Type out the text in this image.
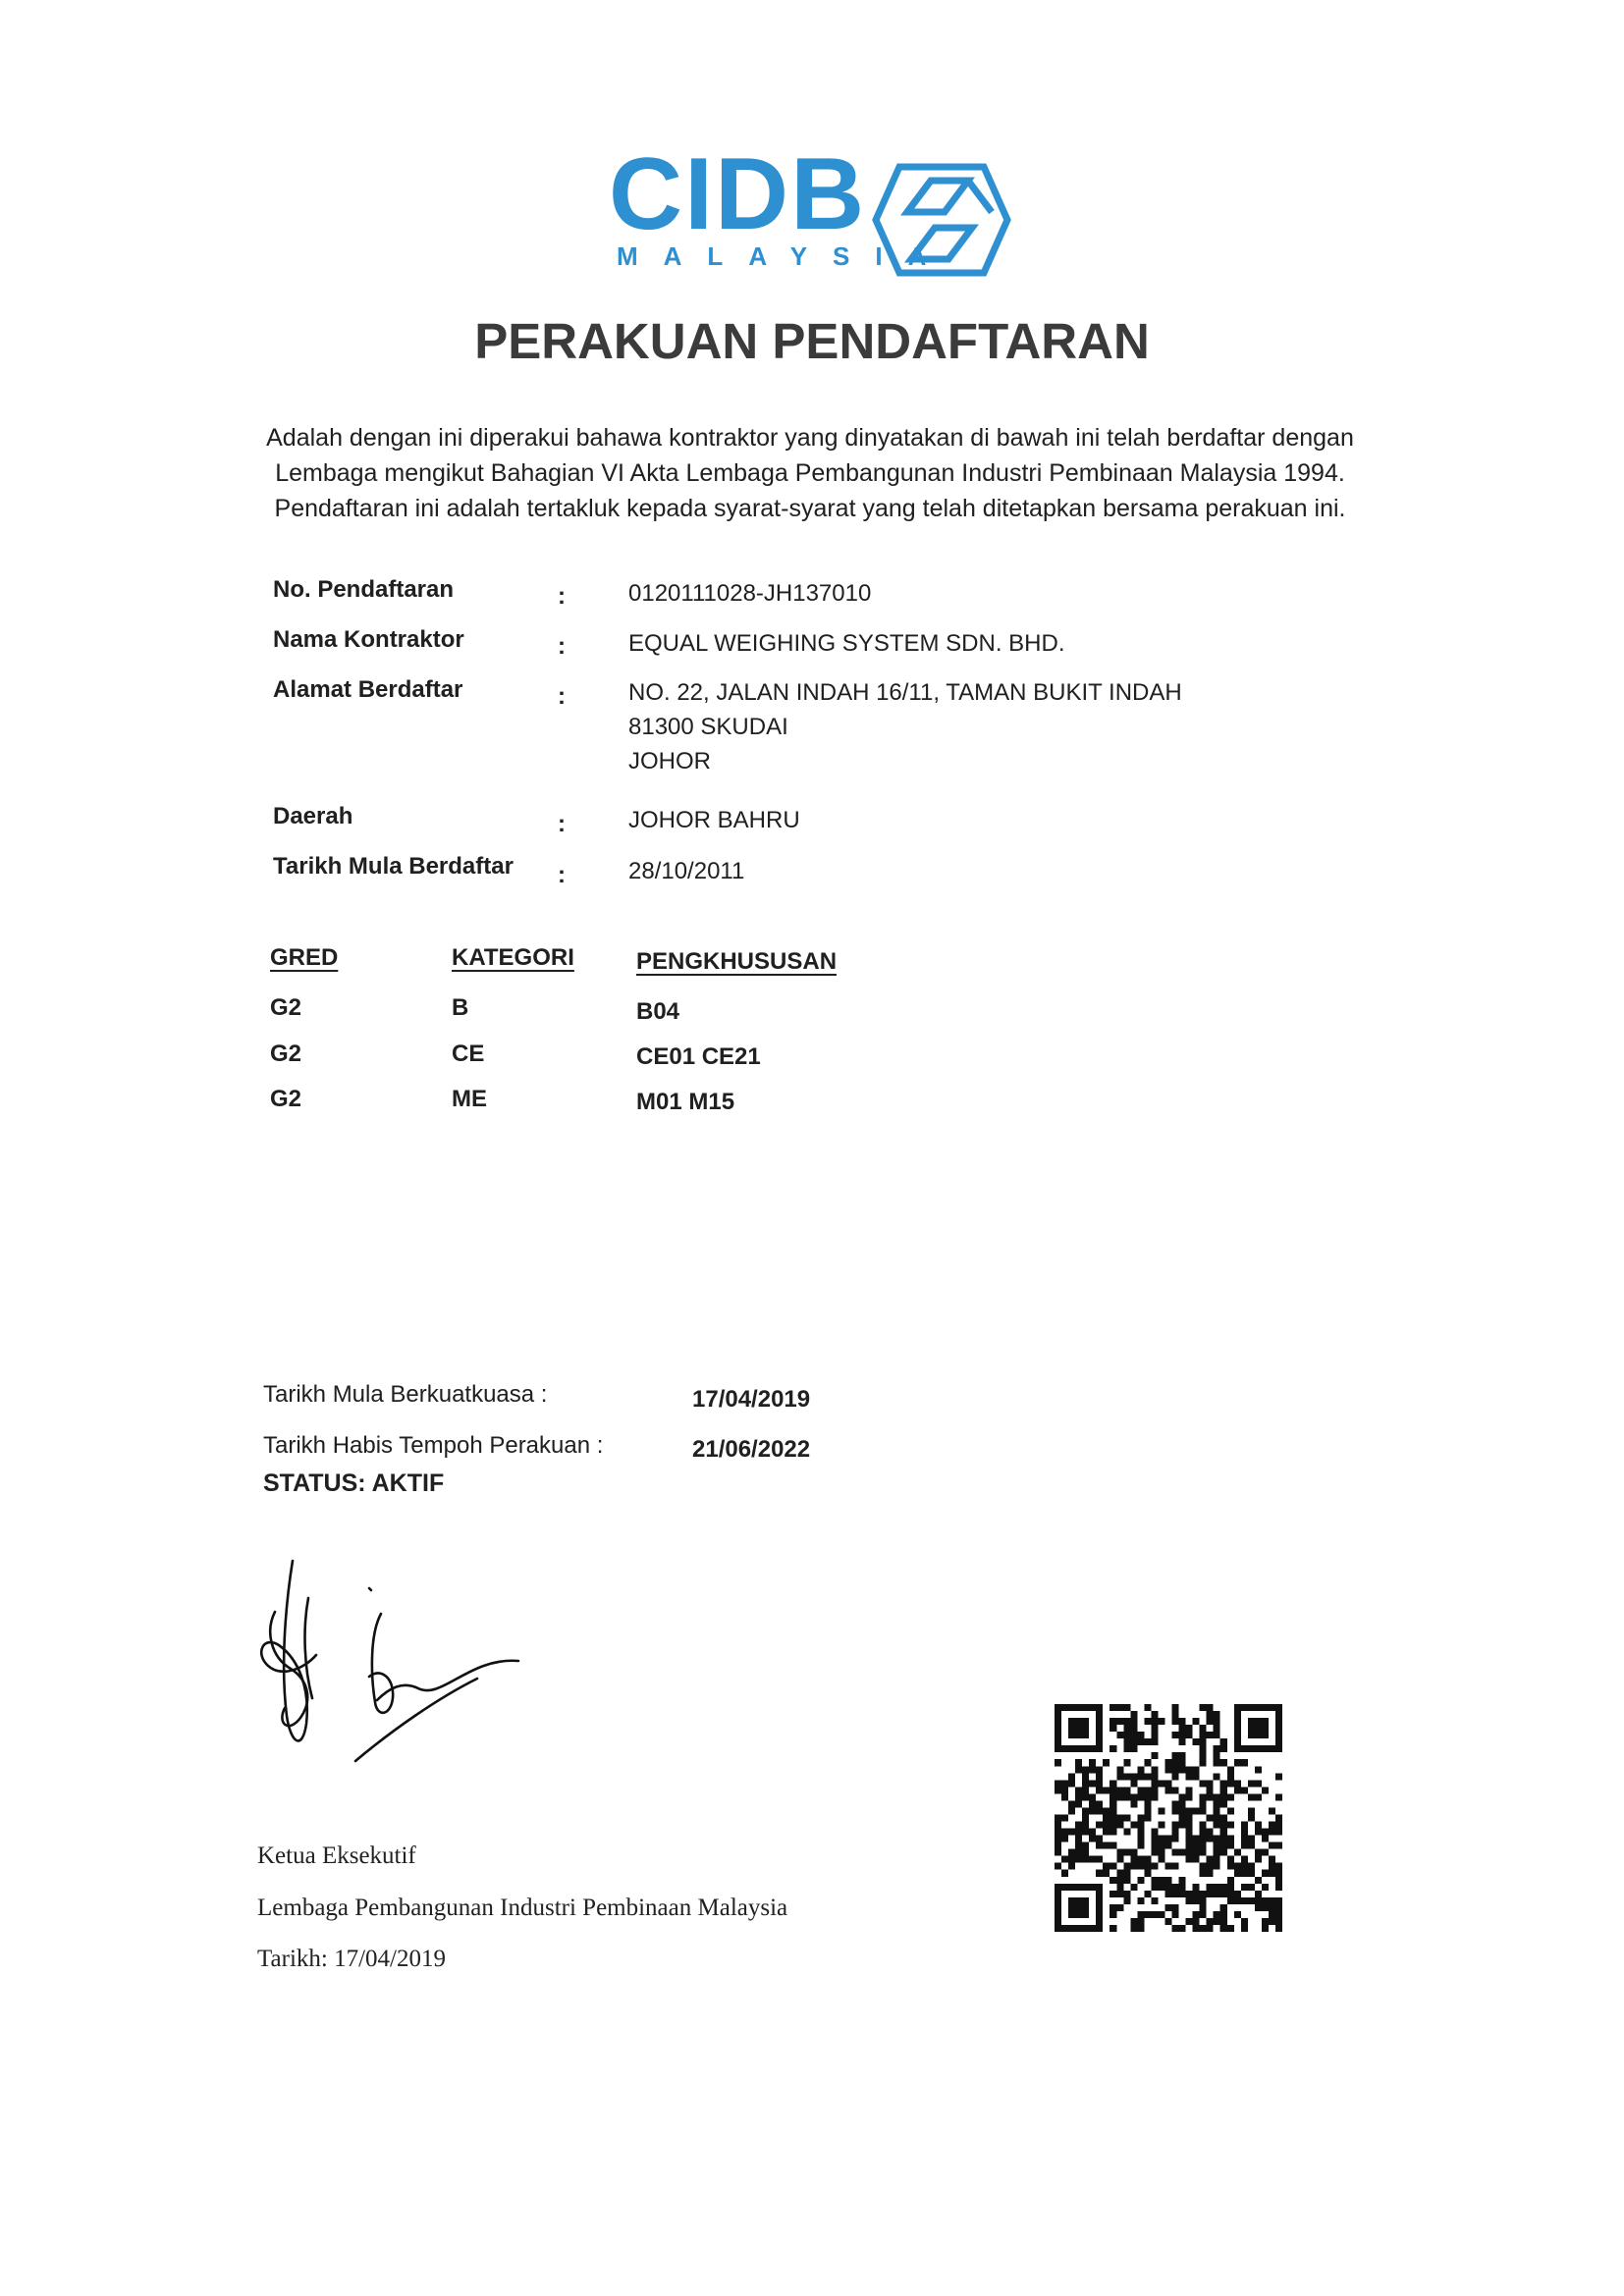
CIDB
MALAYSIA
PERAKUAN PENDAFTARAN
Adalah dengan ini diperakui bahawa kontraktor yang dinyatakan di bawah ini telah berdaftar dengan
Lembaga mengikut Bahagian VI Akta Lembaga Pembangunan Industri Pembinaan Malaysia 1994.
Pendaftaran ini adalah tertakluk kepada syarat-syarat yang telah ditetapkan bersama perakuan ini.
No. Pendaftaran	:	0120111028-JH137010
Nama Kontraktor	:	EQUAL WEIGHING SYSTEM SDN. BHD.
Alamat Berdaftar	:	NO. 22, JALAN INDAH 16/11, TAMAN BUKIT INDAH
81300 SKUDAI
JOHOR
Daerah	:	JOHOR BAHRU
Tarikh Mula Berdaftar :	28/10/2011
GRED	KATEGORI	PENGKHUSUSAN
G2	B	B04
G2	CE	CE01 CE21
G2	ME	M01 M15
Tarikh Mula Berkuatkuasa :	17/04/2019
Tarikh Habis Tempoh Perakuan :	21/06/2022
STATUS: AKTIF
Ketua Eksekutif
Lembaga Pembangunan Industri Pembinaan Malaysia
Tarikh: 17/04/2019
